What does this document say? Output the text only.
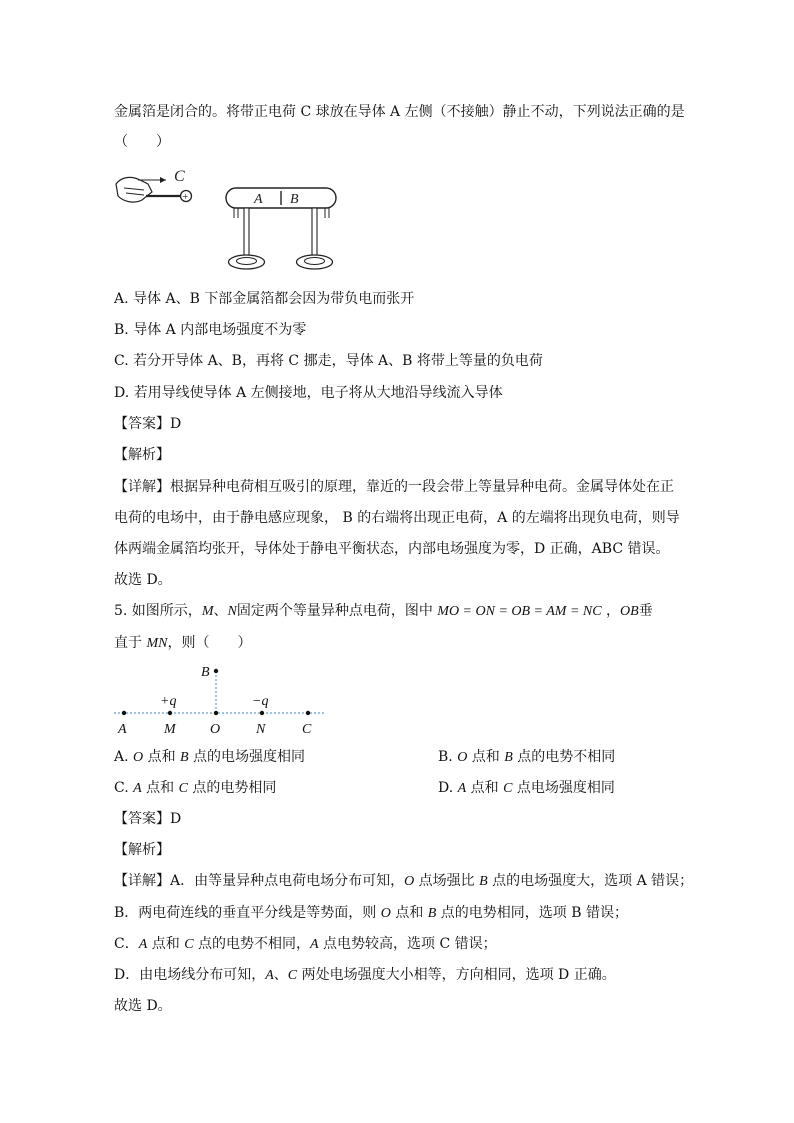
金属箔是闭合的。将带正电荷 C 球放在导体 A 左侧（不接触）静止不动，下列说法正确的是
（　　）
+
C
A B
A. 导体 A、B 下部金属箔都会因为带负电而张开
B. 导体 A 内部电场强度不为零
C. 若分开导体 A、B，再将 C 挪走，导体 A、B 将带上等量的负电荷
D. 若用导线使导体 A 左侧接地，电子将从大地沿导线流入导体
【答案】D
【解析】
【详解】根据异种电荷相互吸引的原理，靠近的一段会带上等量异种电荷。金属导体处在正
电荷的电场中，由于静电感应现象， B 的右端将出现正电荷，A 的左端将出现负电荷，则导
体两端金属箔均张开，导体处于静电平衡状态，内部电场强度为零，D 正确，ABC 错误。
故选 D。
5. 如图所示，M、N固定两个等量异种点电荷，图中 MO = ON = OB = AM = NC ，OB垂
直于 MN，则（　　）
B
+q	−q
A	M O	N	C
A. O 点和 B 点的电场强度相同	B. O 点和 B 点的电势不相同
C. A 点和 C 点的电势相同	D. A 点和 C 点电场强度相同
【答案】D
【解析】
【详解】A．由等量异种点电荷电场分布可知，O 点场强比 B 点的电场强度大，选项 A 错误；
B．两电荷连线的垂直平分线是等势面，则 O 点和 B 点的电势相同，选项 B 错误；
C．A 点和 C 点的电势不相同，A 点电势较高，选项 C 错误；
D．由电场线分布可知，A、C 两处电场强度大小相等，方向相同，选项 D 正确。
故选 D。
